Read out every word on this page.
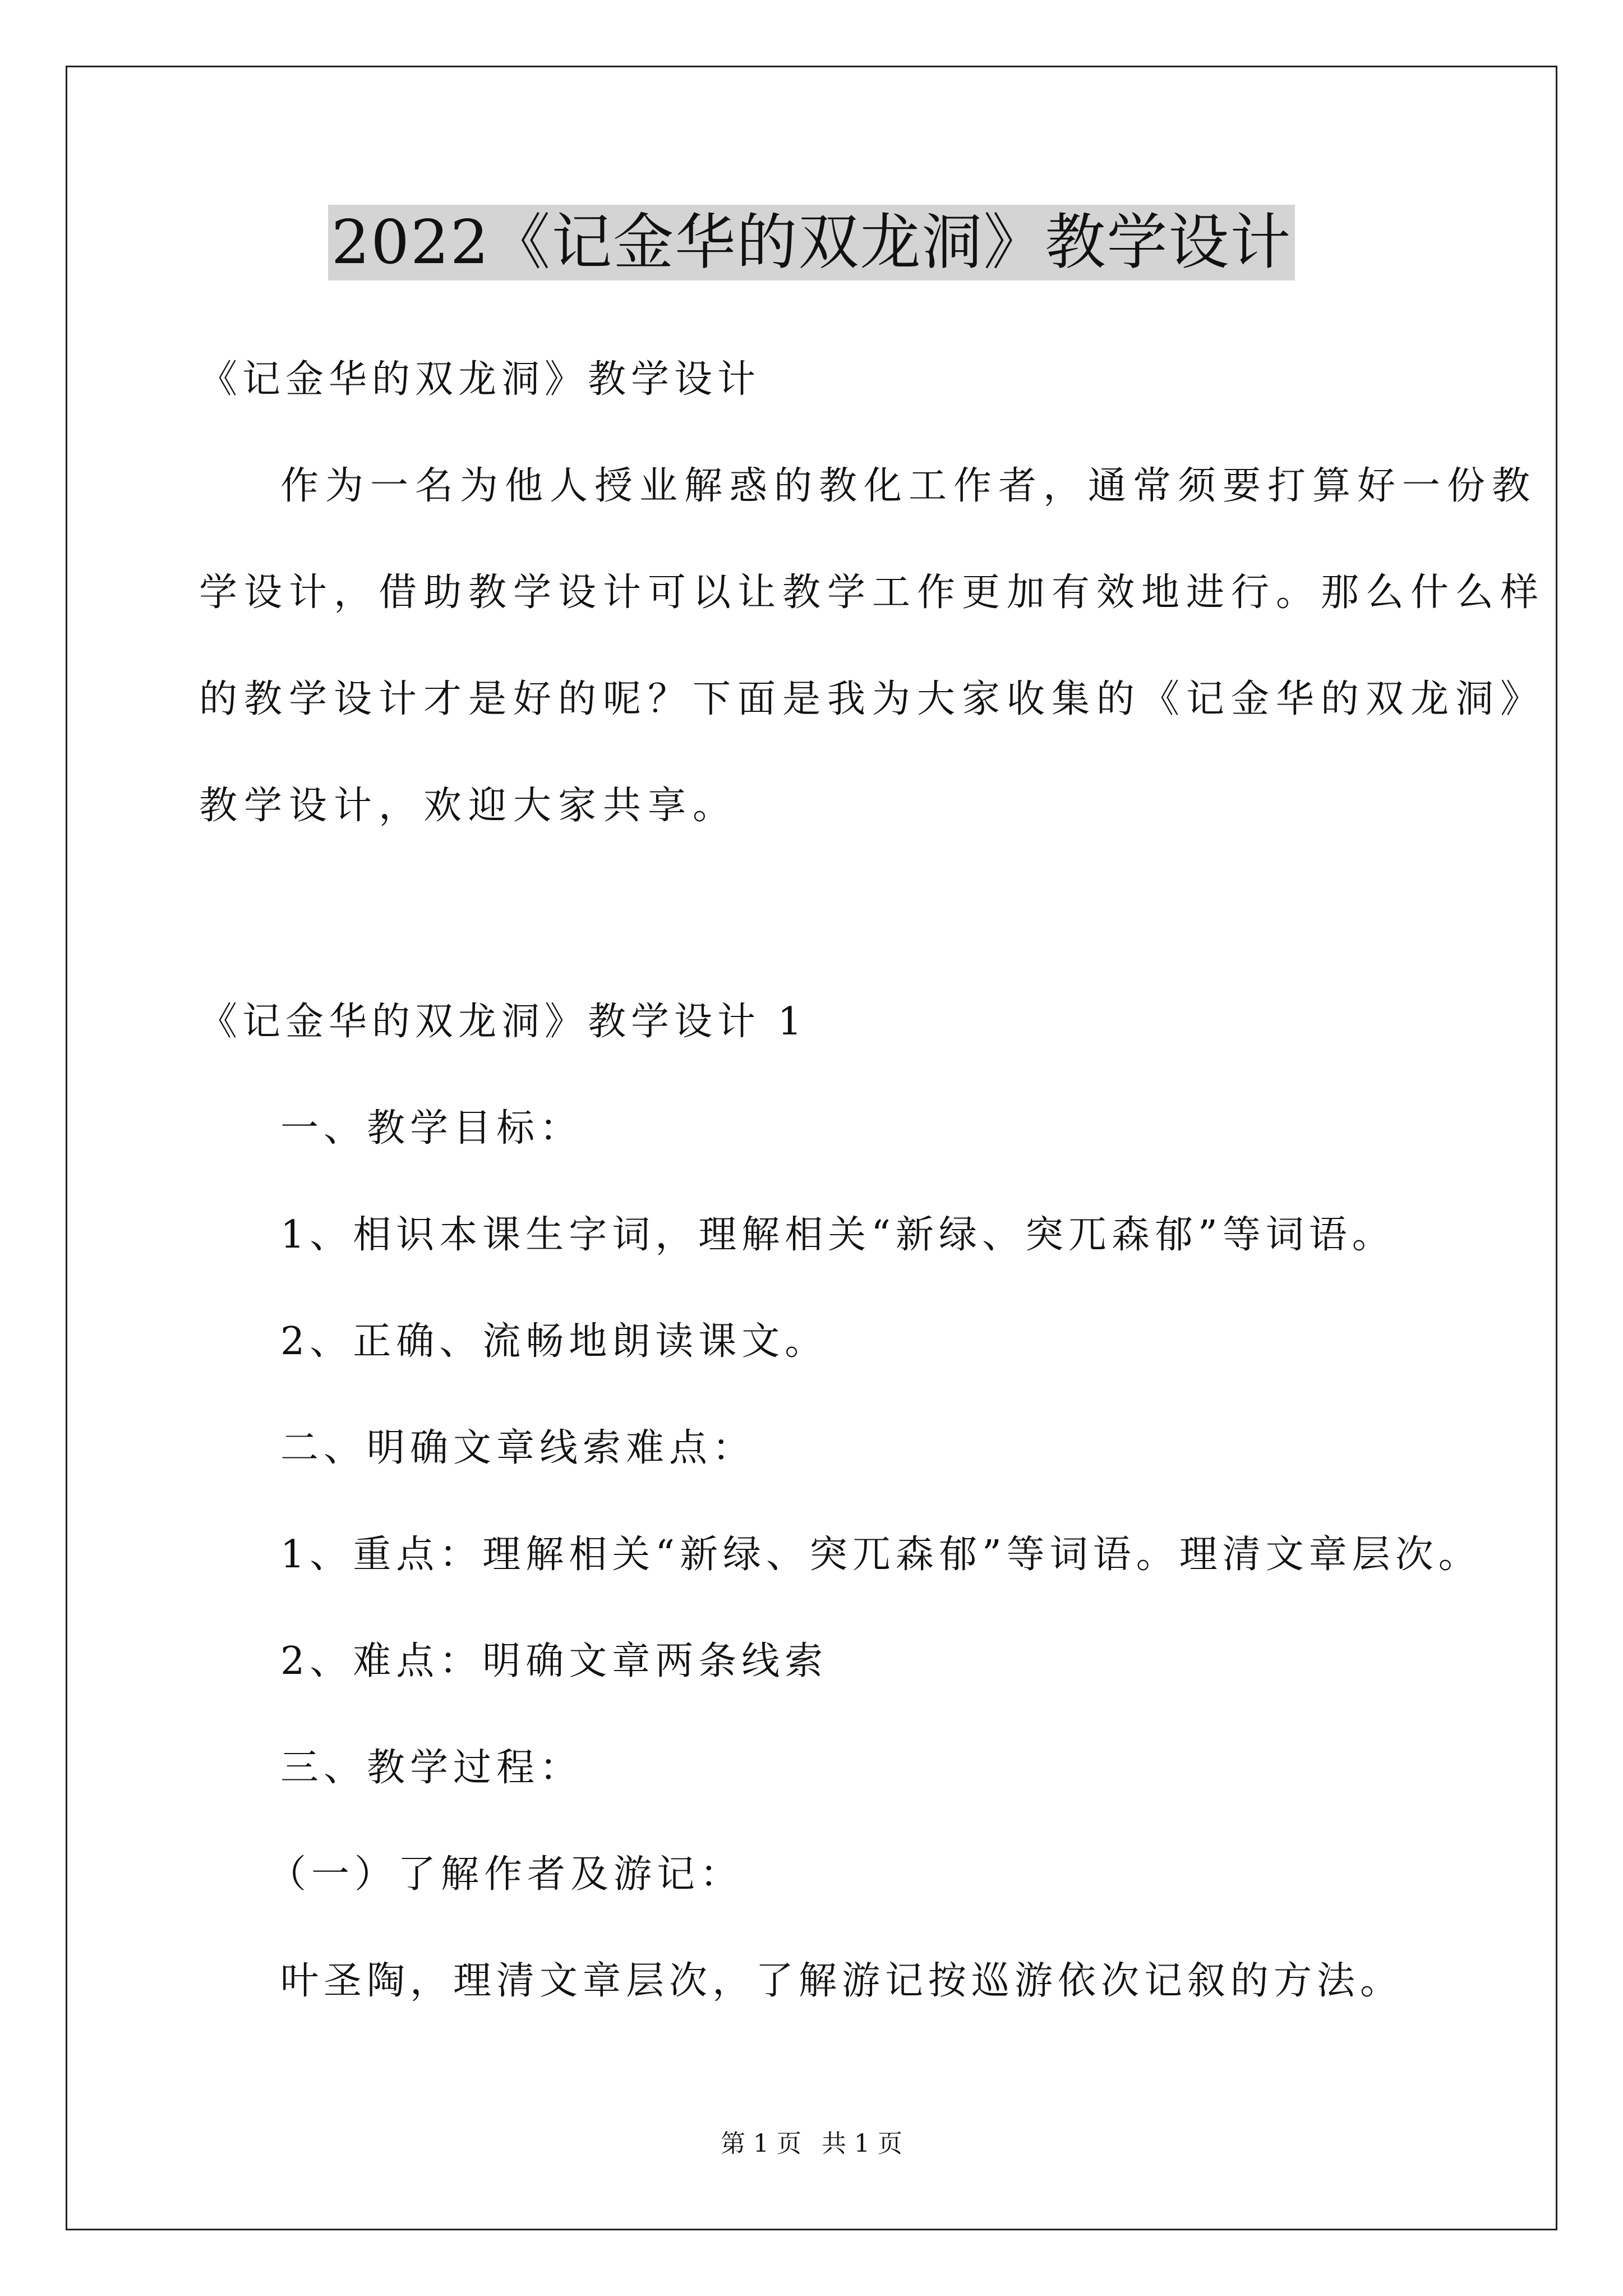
2022《记金华的双龙洞》教学设计
《记金华的双龙洞》教学设计
作为一名为他人授业解惑的教化工作者，通常须要打算好一份教
学设计，借助教学设计可以让教学工作更加有效地进行。那么什么样
的教学设计才是好的呢？下面是我为大家收集的《记金华的双龙洞》
教学设计，欢迎大家共享。
《记金华的双龙洞》教学设计 1
一、教学目标：
1、相识本课生字词，理解相关“新绿、突兀森郁”等词语。
2、正确、流畅地朗读课文。
二、明确文章线索难点：
1、重点：理解相关“新绿、突兀森郁”等词语。理清文章层次。
2、难点：明确文章两条线索
三、教学过程：
（一）了解作者及游记：
叶圣陶，理清文章层次，了解游记按巡游依次记叙的方法。
第 1 页 共 1 页
